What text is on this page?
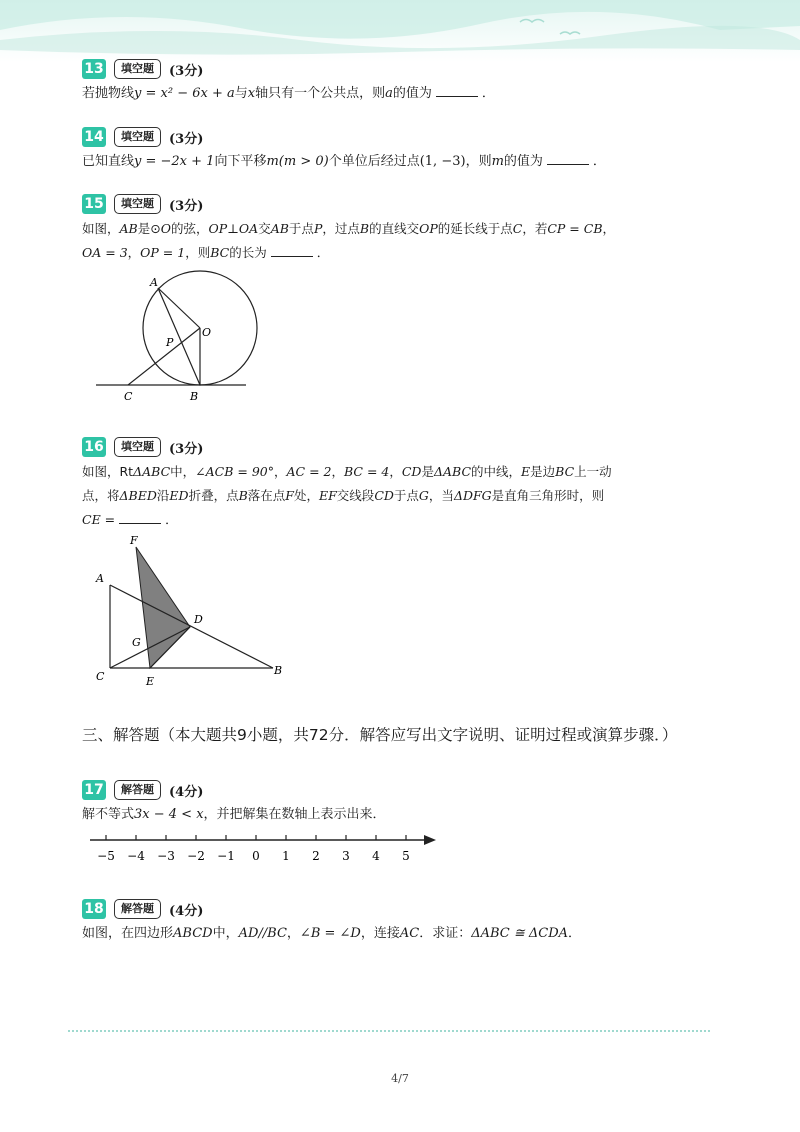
13	填空题	(3分)
若抛物线y = x² − 6x + a与x轴只有一个公共点，则a的值为	．
14	填空题	(3分)
已知直线y = −2x + 1向下平移m(m > 0)个单位后经过点(1, −3)，则m的值为	．
15	填空题	(3分)
如图，AB是⊙O的弦，OP⊥OA交AB于点P，过点B的直线交OP的延长线于点C，若CP = CB，
OA = 3，OP = 1，则BC的长为	．
A
O
P
C	B
16	填空题	(3分)
如图，RtΔABC中，∠ACB = 90°，AC = 2，BC = 4，CD是ΔABC的中线，E是边BC上一动
点，将ΔBED沿ED折叠，点B落在点F处，EF交线段CD于点G，当ΔDFG是直角三角形时，则
CE =	．
F
A
D
G
C	E
B
三、解答题（本大题共9小题，共72分．解答应写出文字说明、证明过程或演算步骤．）
17	解答题	(4分)
解不等式3x − 4 < x，并把解集在数轴上表示出来．
−5 −4 −3 −2 −1 0 1 2 3 4 5
18	解答题	(4分)
如图，在四边形ABCD中，AD//BC，∠B = ∠D，连接AC．求证：ΔABC ≅ ΔCDA．
4/7
